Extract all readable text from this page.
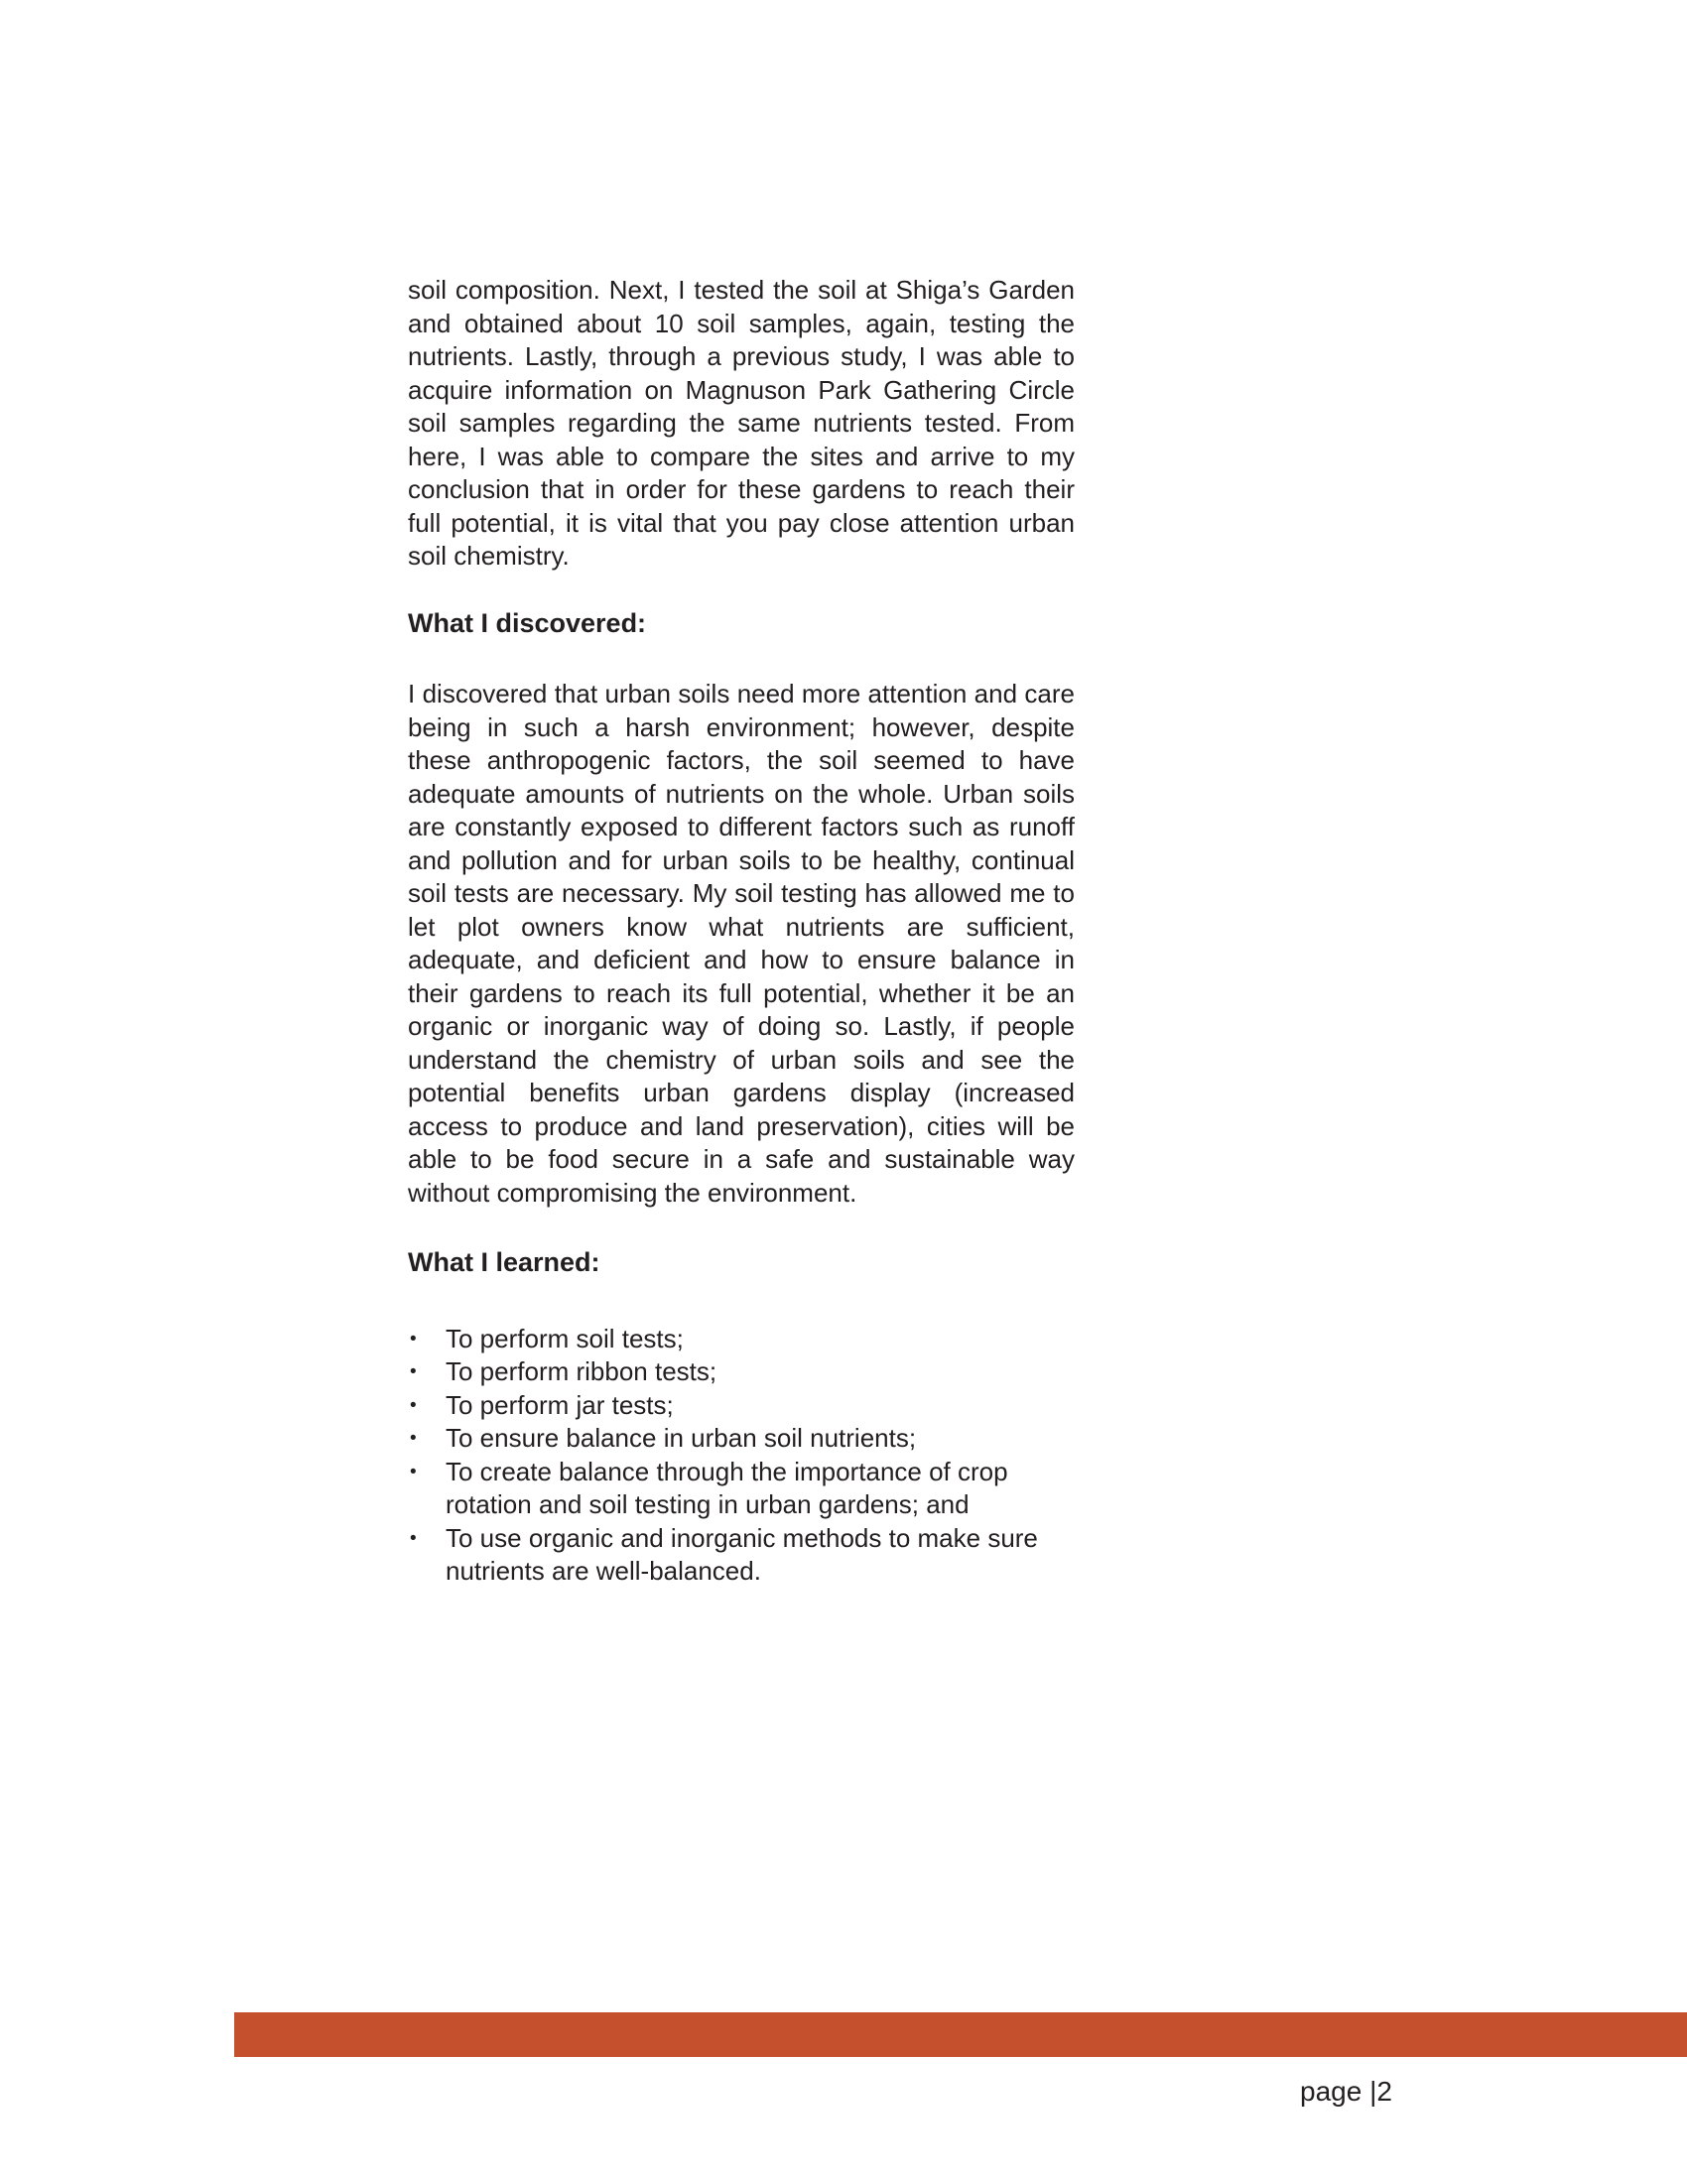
soil composition. Next, I tested the soil at Shiga’s Garden and obtained about 10 soil samples, again, testing the nutrients. Lastly, through a previous study, I was able to acquire information on Magnuson Park Gathering Circle soil samples regarding the same nutrients tested. From here, I was able to compare the sites and arrive to my conclusion that in order for these gardens to reach their full potential, it is vital that you pay close attention urban soil chemistry.

What I discovered:

I discovered that urban soils need more attention and care being in such a harsh environment; however, despite these anthropogenic factors, the soil seemed to have adequate amounts of nutrients on the whole. Urban soils are constantly exposed to different factors such as runoff and pollution and for urban soils to be healthy, continual soil tests are necessary. My soil testing has allowed me to let plot owners know what nutrients are sufficient, adequate, and deficient and how to ensure balance in their gardens to reach its full potential, whether it be an organic or inorganic way of doing so. Lastly, if people understand the chemistry of urban soils and see the potential benefits urban gardens display (increased access to produce and land preservation), cities will be able to be food secure in a safe and sustainable way without compromising the environment.

What I learned:
• To perform soil tests;
• To perform ribbon tests;
• To perform jar tests;
• To ensure balance in urban soil nutrients;
• To create balance through the importance of crop rotation and soil testing in urban gardens; and
• To use organic and inorganic methods to make sure nutrients are well-balanced.
page |2
